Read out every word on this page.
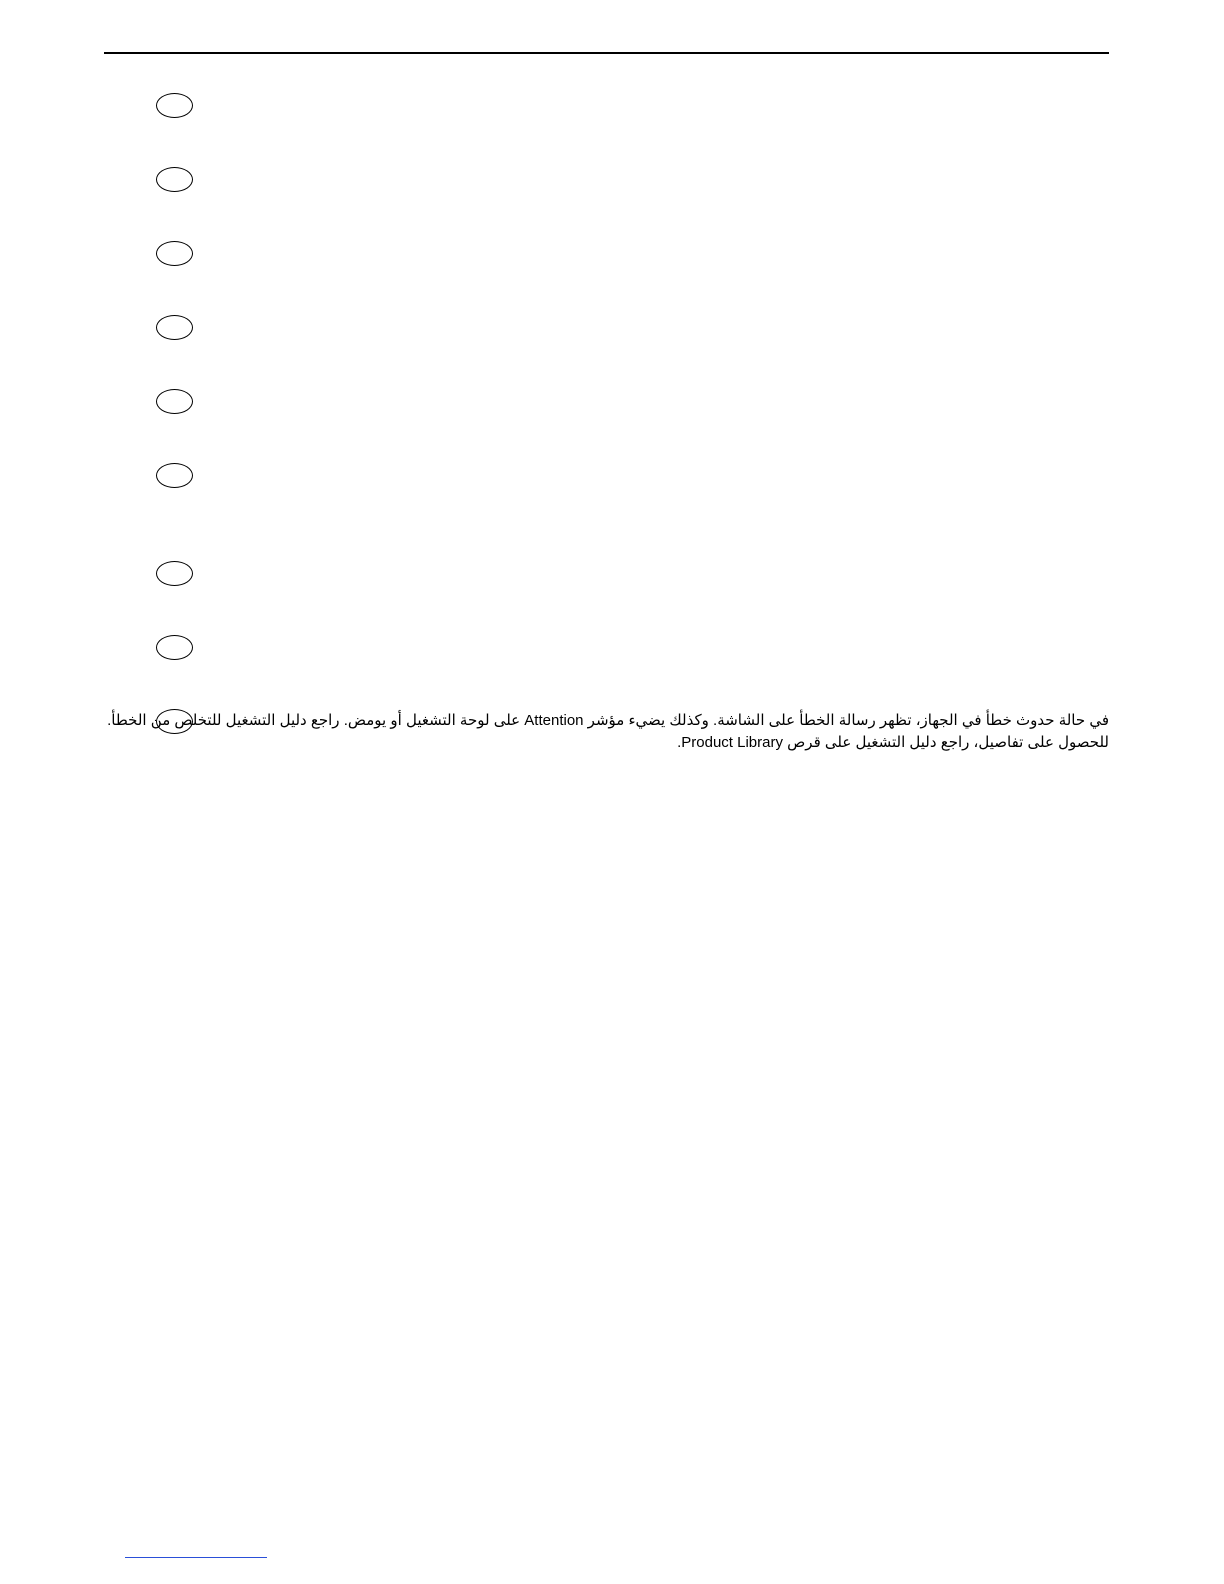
في حالة حدوث خطأ في الجهاز، تظهر رسالة الخطأ على الشاشة. وكذلك يضيء مؤشر Attention على لوحة التشغيل أو يومض. راجع دليل التشغيل للتخلص من الخطأ.
للحصول على تفاصيل، راجع دليل التشغيل على قرص Product Library.
